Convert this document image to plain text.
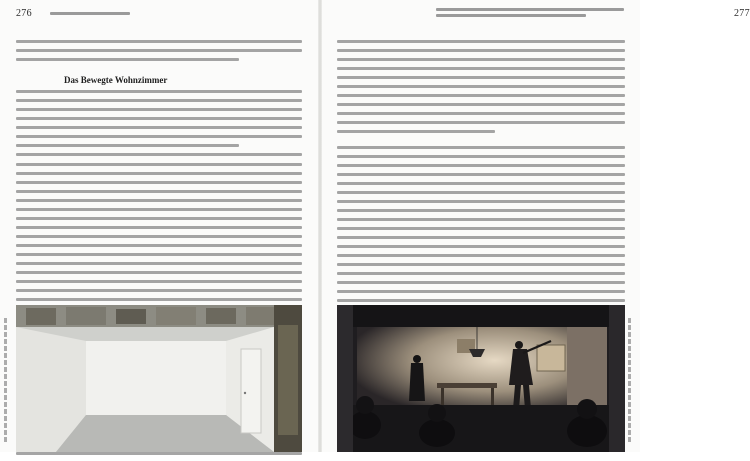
276
Das Bewegte Wohnzimmer
277
